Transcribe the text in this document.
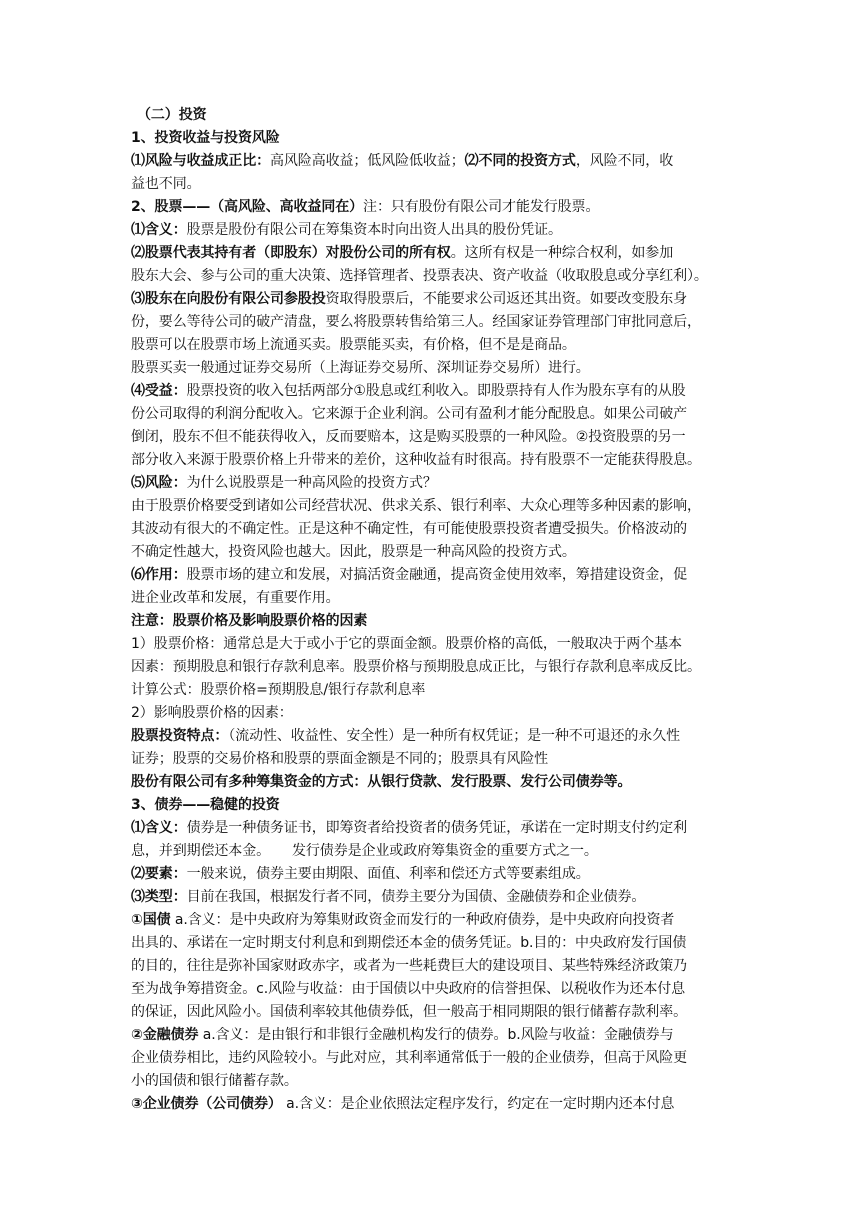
（二）投资
1、投资收益与投资风险
⑴风险与收益成正比：高风险高收益；低风险低收益；⑵不同的投资方式，风险不同，收
益也不同。
2、股票——（高风险、高收益同在）注：只有股份有限公司才能发行股票。
⑴含义：股票是股份有限公司在筹集资本时向出资人出具的股份凭证。
⑵股票代表其持有者（即股东）对股份公司的所有权。这所有权是一种综合权利，如参加
股东大会、参与公司的重大决策、选择管理者、投票表决、资产收益（收取股息或分享红利）。
⑶股东在向股份有限公司参股投资取得股票后，不能要求公司返还其出资。如要改变股东身
份，要么等待公司的破产清盘，要么将股票转售给第三人。经国家证券管理部门审批同意后，
股票可以在股票市场上流通买卖。股票能买卖，有价格，但不是是商品。
股票买卖一般通过证券交易所（上海证券交易所、深圳证券交易所）进行。
⑷受益：股票投资的收入包括两部分①股息或红利收入。即股票持有人作为股东享有的从股
份公司取得的利润分配收入。它来源于企业利润。公司有盈利才能分配股息。如果公司破产
倒闭，股东不但不能获得收入，反而要赔本，这是购买股票的一种风险。②投资股票的另一
部分收入来源于股票价格上升带来的差价，这种收益有时很高。持有股票不一定能获得股息。
⑸风险：为什么说股票是一种高风险的投资方式？
由于股票价格要受到诸如公司经营状况、供求关系、银行利率、大众心理等多种因素的影响，
其波动有很大的不确定性。正是这种不确定性，有可能使股票投资者遭受损失。价格波动的
不确定性越大，投资风险也越大。因此，股票是一种高风险的投资方式。
⑹作用：股票市场的建立和发展，对搞活资金融通，提高资金使用效率，筹措建设资金，促
进企业改革和发展，有重要作用。
注意：股票价格及影响股票价格的因素
1）股票价格：通常总是大于或小于它的票面金额。股票价格的高低，一般取决于两个基本
因素：预期股息和银行存款利息率。股票价格与预期股息成正比，与银行存款利息率成反比。
计算公式：股票价格=预期股息/银行存款利息率
2）影响股票价格的因素：
股票投资特点：（流动性、收益性、安全性）是一种所有权凭证；是一种不可退还的永久性
证券；股票的交易价格和股票的票面金额是不同的；股票具有风险性
股份有限公司有多种筹集资金的方式：从银行贷款、发行股票、发行公司债券等。
3、债券——稳健的投资
⑴含义：债券是一种债务证书，即筹资者给投资者的债务凭证，承诺在一定时期支付约定利
息，并到期偿还本金。 发行债券是企业或政府筹集资金的重要方式之一。
⑵要素：一般来说，债券主要由期限、面值、利率和偿还方式等要素组成。
⑶类型：目前在我国，根据发行者不同，债券主要分为国债、金融债券和企业债券。
①国债 a.含义：是中央政府为筹集财政资金而发行的一种政府债券，是中央政府向投资者
出具的、承诺在一定时期支付利息和到期偿还本金的债务凭证。b.目的：中央政府发行国债
的目的，往往是弥补国家财政赤字，或者为一些耗费巨大的建设项目、某些特殊经济政策乃
至为战争筹措资金。c.风险与收益：由于国债以中央政府的信誉担保、以税收作为还本付息
的保证，因此风险小。国债利率较其他债券低，但一般高于相同期限的银行储蓄存款利率。
②金融债券 a.含义：是由银行和非银行金融机构发行的债券。b.风险与收益：金融债券与
企业债券相比，违约风险较小。与此对应，其利率通常低于一般的企业债券，但高于风险更
小的国债和银行储蓄存款。
③企业债券（公司债券） a.含义：是企业依照法定程序发行，约定在一定时期内还本付息
